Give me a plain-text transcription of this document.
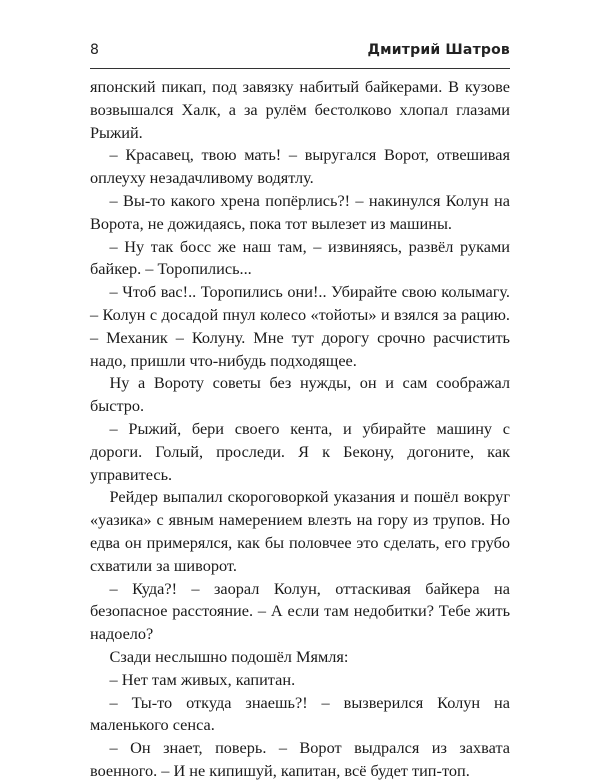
8	Дмитрий Шатров

японский пикап, под завязку набитый байкерами. В кузове возвышался Халк, а за рулём бестолково хлопал глазами Рыжий.

– Красавец, твою мать! – выругался Ворот, отвешивая оплеуху незадачливому водятлу.

– Вы-то какого хрена попёрлись?! – накинулся Колун на Ворота, не дожидаясь, пока тот вылезет из машины.

– Ну так босс же наш там, – извиняясь, развёл руками байкер. – Торопились...

– Чтоб вас!.. Торопились они!.. Убирайте свою колымагу. – Колун с досадой пнул колесо «тойоты» и взялся за рацию. – Механик – Колуну. Мне тут дорогу срочно расчистить надо, пришли что-нибудь подходящее.

Ну а Вороту советы без нужды, он и сам соображал быстро.

– Рыжий, бери своего кента, и убирайте машину с дороги. Голый, проследи. Я к Бекону, догоните, как управитесь.

Рейдер выпалил скороговоркой указания и пошёл вокруг «уазика» с явным намерением влезть на гору из трупов. Но едва он примерялся, как бы половчее это сделать, его грубо схватили за шиворот.

– Куда?! – заорал Колун, оттаскивая байкера на безопасное расстояние. – А если там недобитки? Тебе жить надоело?

Сзади неслышно подошёл Мямля:

– Нет там живых, капитан.

– Ты-то откуда знаешь?! – вызверился Колун на маленького сенса.

– Он знает, поверь. – Ворот выдрался из захвата военного. – И не кипишуй, капитан, всё будет тип-топ.
